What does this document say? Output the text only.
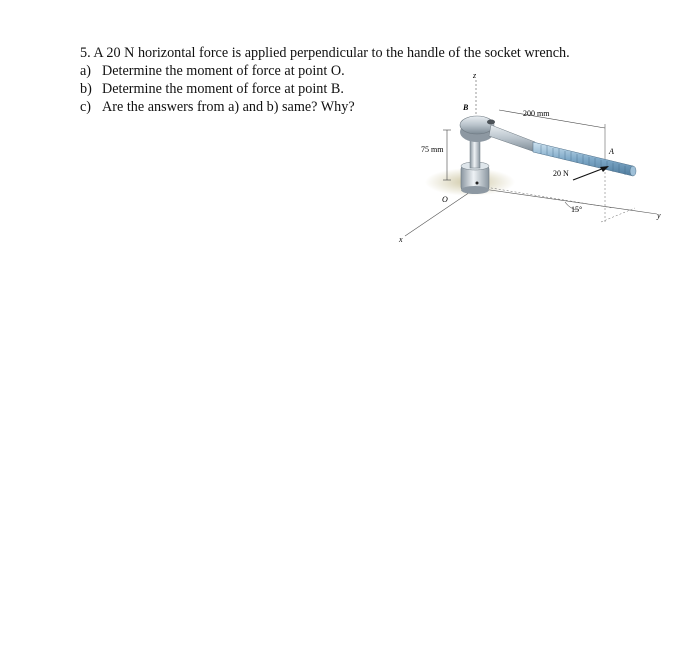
5. A 20 N horizontal force is applied perpendicular to the handle of the socket wrench.
a) Determine the moment of force at point O.
b) Determine the moment of force at point B.
c) Are the answers from a) and b) same? Why?
z
x
y
75 mm
200 mm
15°
B
A
O
20 N
